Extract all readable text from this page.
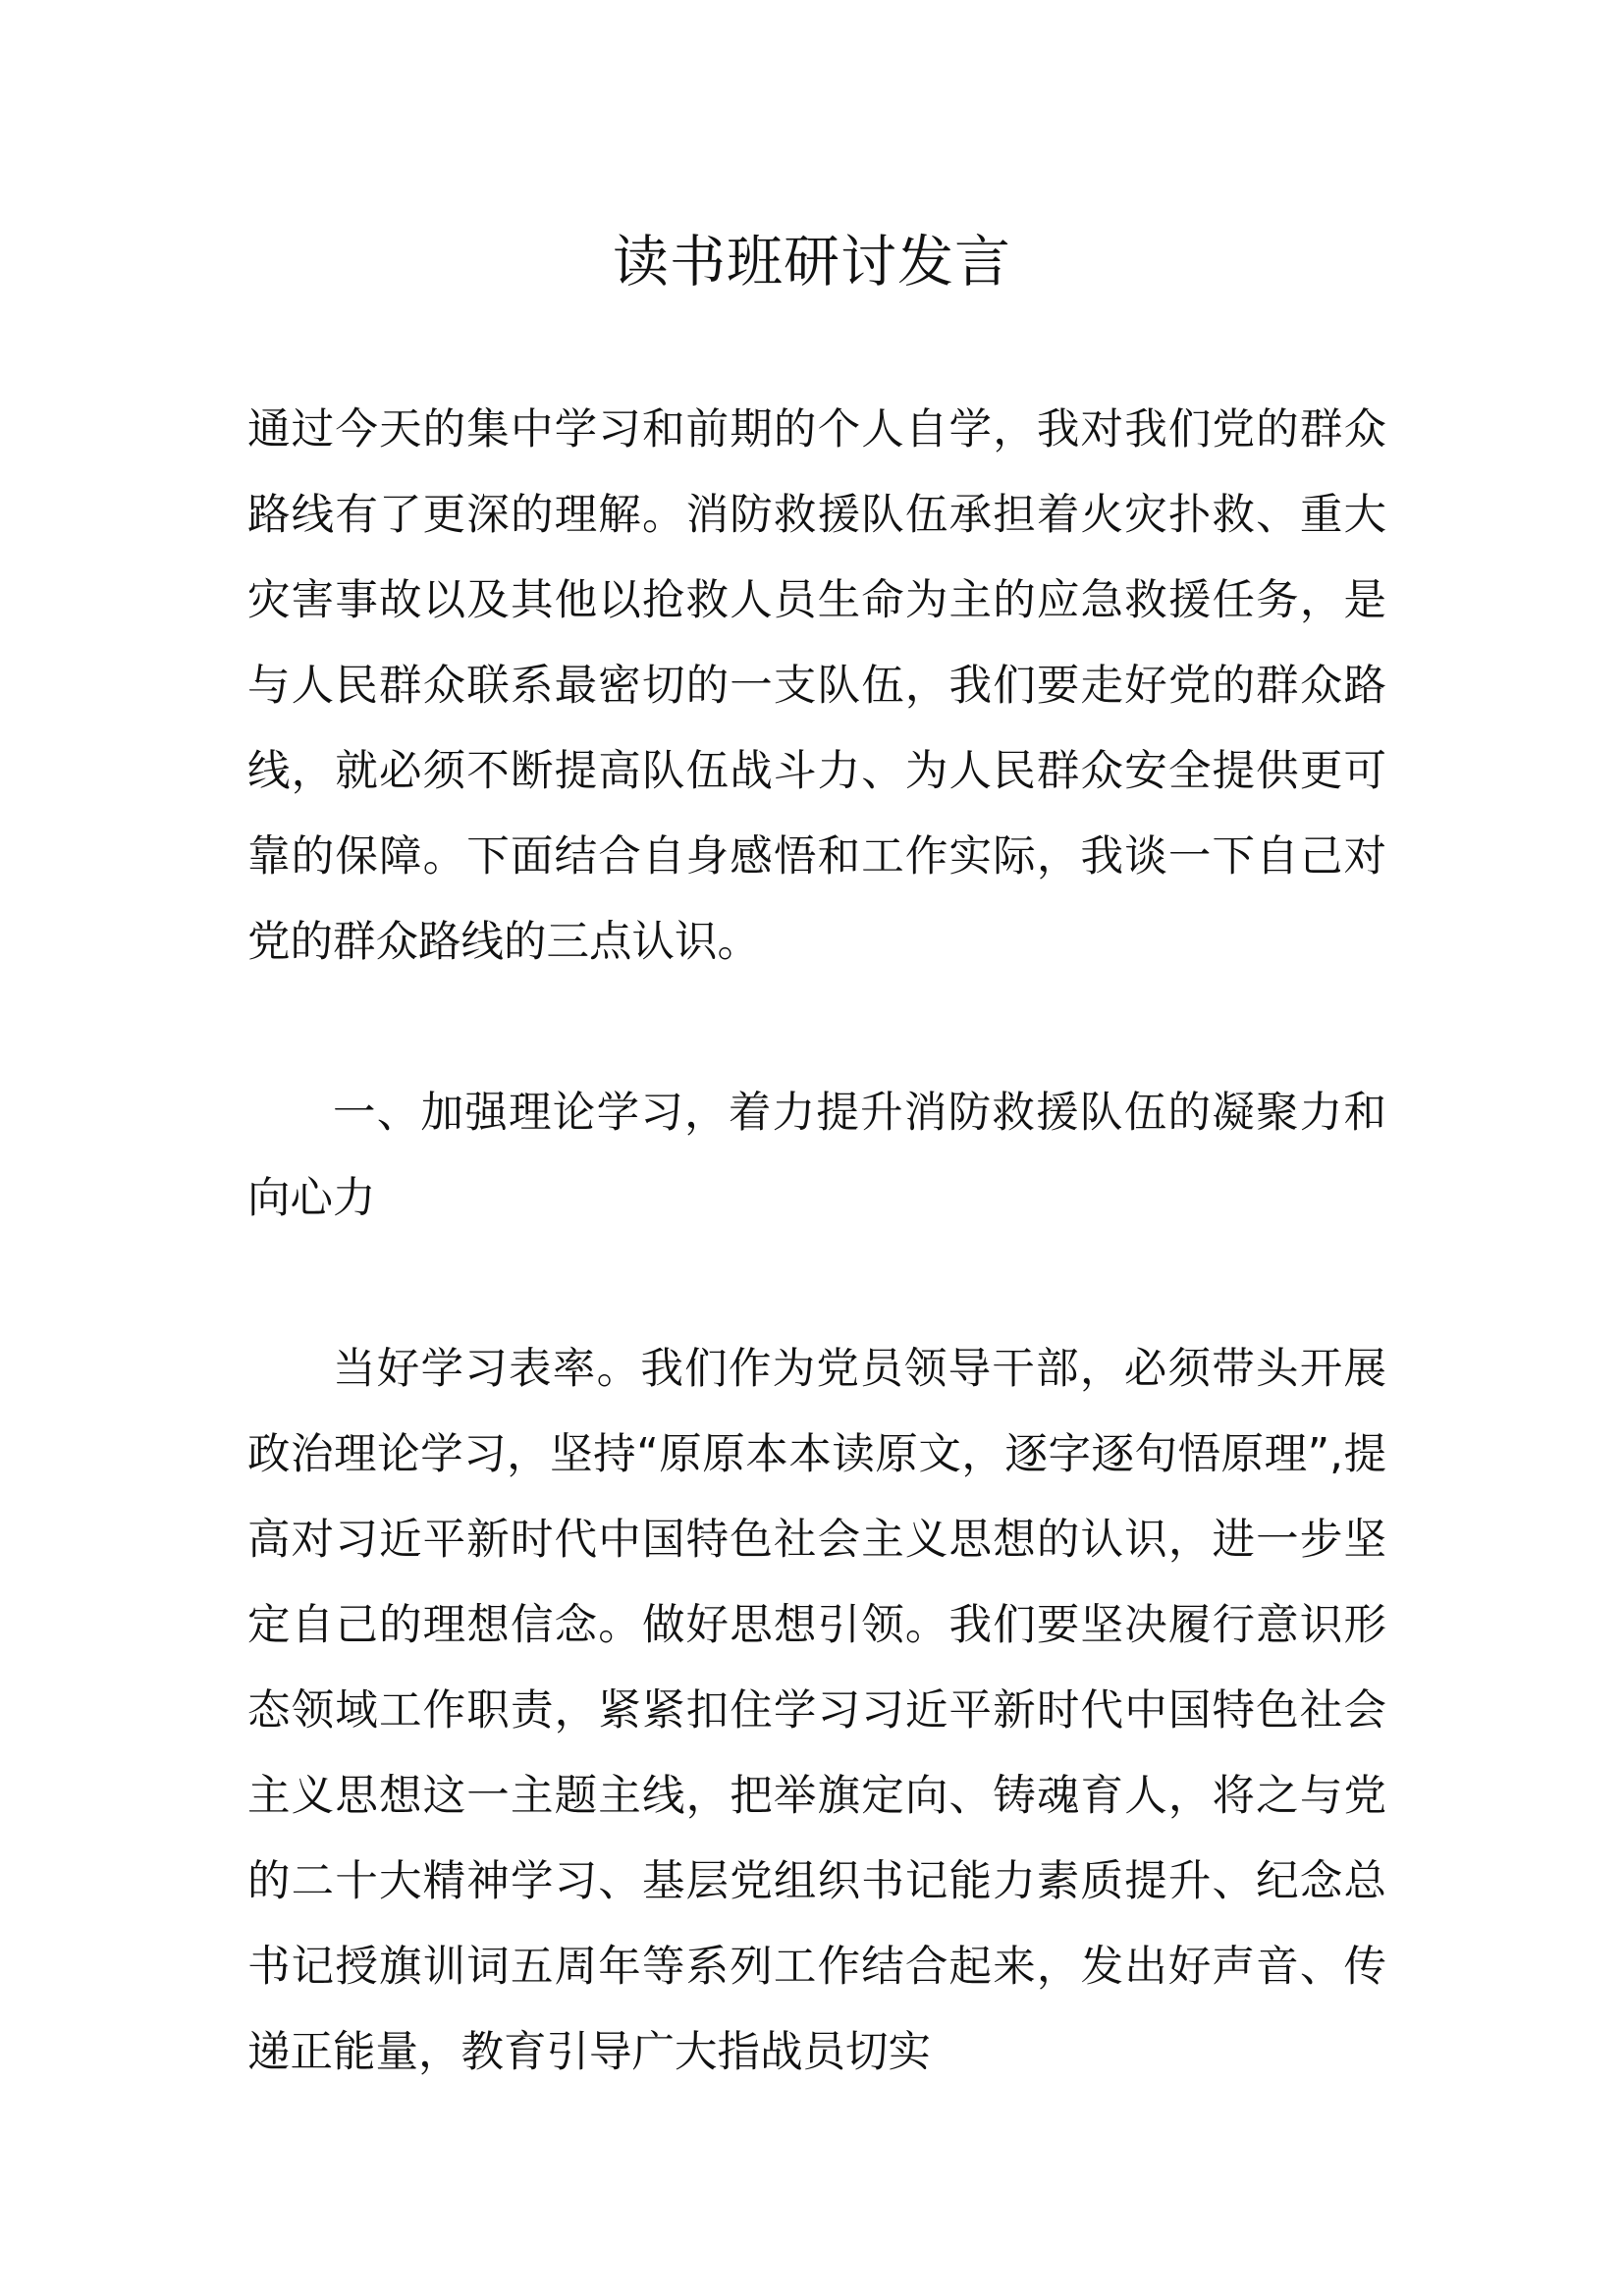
读书班研讨发言

通过今天的集中学习和前期的个人自学，我对我们党的群众路线有了更深的理解。消防救援队伍承担着火灾扑救、重大灾害事故以及其他以抢救人员生命为主的应急救援任务，是与人民群众联系最密切的一支队伍，我们要走好党的群众路线，就必须不断提高队伍战斗力、为人民群众安全提供更可靠的保障。下面结合自身感悟和工作实际，我谈一下自己对党的群众路线的三点认识。

一、加强理论学习，着力提升消防救援队伍的凝聚力和向心力

当好学习表率。我们作为党员领导干部，必须带头开展政治理论学习，坚持“原原本本读原文，逐字逐句悟原理”,提高对习近平新时代中国特色社会主义思想的认识，进一步坚定自己的理想信念。做好思想引领。我们要坚决履行意识形态领域工作职责，紧紧扣住学习习近平新时代中国特色社会主义思想这一主题主线，把举旗定向、铸魂育人，将之与党的二十大精神学习、基层党组织书记能力素质提升、纪念总书记授旗训词五周年等系列工作结合起来，发出好声音、传递正能量，教育引导广大指战员切实
